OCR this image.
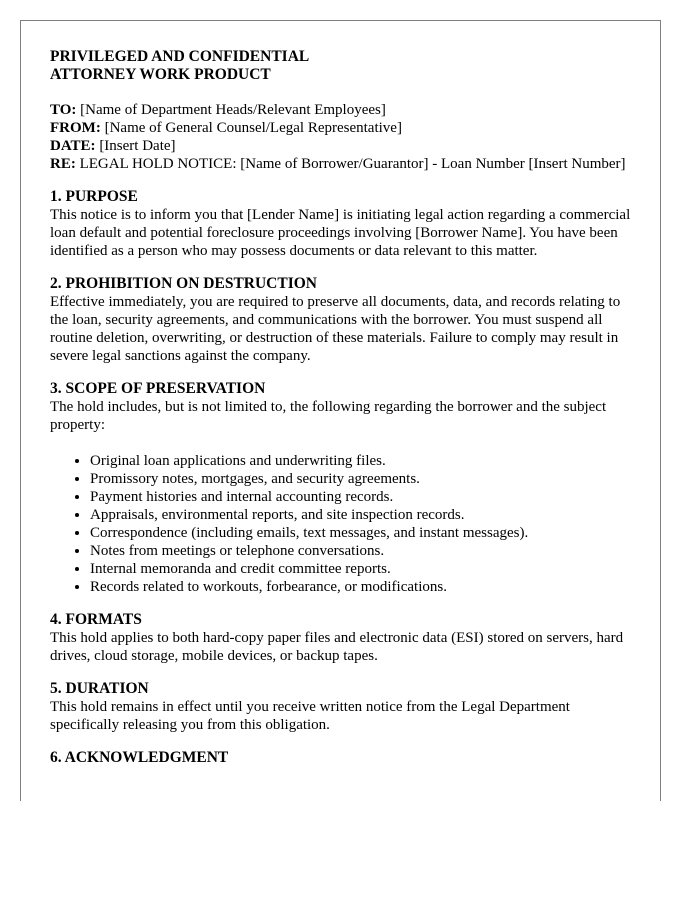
PRIVILEGED AND CONFIDENTIAL
ATTORNEY WORK PRODUCT
TO: [Name of Department Heads/Relevant Employees]
FROM: [Name of General Counsel/Legal Representative]
DATE: [Insert Date]
RE: LEGAL HOLD NOTICE: [Name of Borrower/Guarantor] - Loan Number [Insert Number]
1. PURPOSE

This notice is to inform you that [Lender Name] is initiating legal action regarding a commercial loan default and potential foreclosure proceedings involving [Borrower Name]. You have been identified as a person who may possess documents or data relevant to this matter.

2. PROHIBITION ON DESTRUCTION

Effective immediately, you are required to preserve all documents, data, and records relating to the loan, security agreements, and communications with the borrower. You must suspend all routine deletion, overwriting, or destruction of these materials. Failure to comply may result in severe legal sanctions against the company.

3. SCOPE OF PRESERVATION

The hold includes, but is not limited to, the following regarding the borrower and the subject property:

• Original loan applications and underwriting files.
• Promissory notes, mortgages, and security agreements.
• Payment histories and internal accounting records.
• Appraisals, environmental reports, and site inspection records.
• Correspondence (including emails, text messages, and instant messages).
• Notes from meetings or telephone conversations.
• Internal memoranda and credit committee reports.
• Records related to workouts, forbearance, or modifications.
4. FORMATS

This hold applies to both hard-copy paper files and electronic data (ESI) stored on servers, hard drives, cloud storage, mobile devices, or backup tapes.

5. DURATION

This hold remains in effect until you receive written notice from the Legal Department specifically releasing you from this obligation.

6. ACKNOWLEDGMENT
